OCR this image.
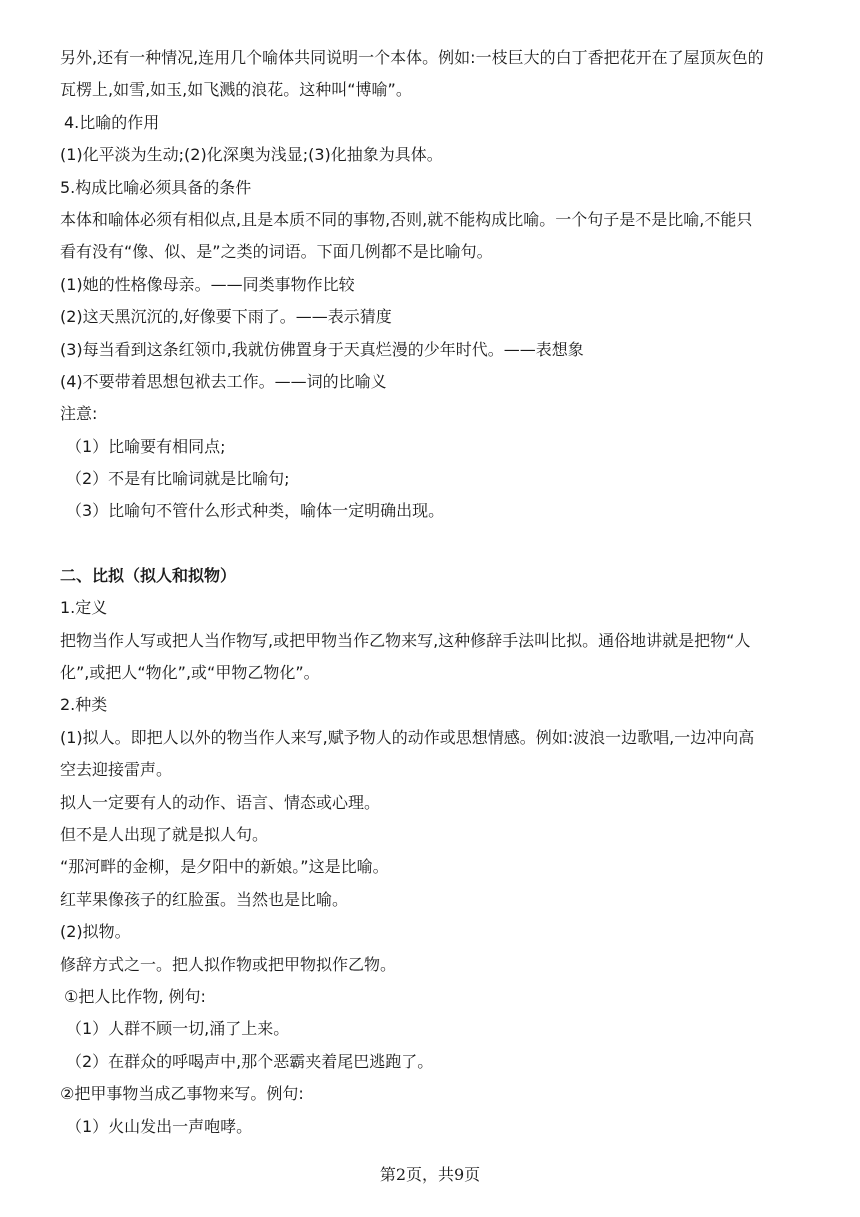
另外,还有一种情况,连用几个喻体共同说明一个本体。例如:一枝巨大的白丁香把花开在了屋顶灰色的
瓦楞上,如雪,如玉,如飞溅的浪花。这种叫“博喻”。
4.比喻的作用
(1)化平淡为生动;(2)化深奥为浅显;(3)化抽象为具体。
5.构成比喻必须具备的条件
本体和喻体必须有相似点,且是本质不同的事物,否则,就不能构成比喻。一个句子是不是比喻,不能只
看有没有“像、似、是”之类的词语。下面几例都不是比喻句。
(1)她的性格像母亲。——同类事物作比较
(2)这天黑沉沉的,好像要下雨了。——表示猜度
(3)每当看到这条红领巾,我就仿佛置身于天真烂漫的少年时代。——表想象
(4)不要带着思想包袱去工作。——词的比喻义
注意:
（1）比喻要有相同点;
（2）不是有比喻词就是比喻句;
（3）比喻句不管什么形式种类，喻体一定明确出现。
二、比拟（拟人和拟物）
1.定义
把物当作人写或把人当作物写,或把甲物当作乙物来写,这种修辞手法叫比拟。通俗地讲就是把物“人
化”,或把人“物化”,或“甲物乙物化”。
2.种类
(1)拟人。即把人以外的物当作人来写,赋予物人的动作或思想情感。例如:波浪一边歌唱,一边冲向高
空去迎接雷声。
拟人一定要有人的动作、语言、情态或心理。
但不是人出现了就是拟人句。
“那河畔的金柳，是夕阳中的新娘。”这是比喻。
红苹果像孩子的红脸蛋。当然也是比喻。
(2)拟物。
修辞方式之一。把人拟作物或把甲物拟作乙物。
①把人比作物, 例句:
（1）人群不顾一切,涌了上来。
（2）在群众的呼喝声中,那个恶霸夹着尾巴逃跑了。
②把甲事物当成乙事物来写。例句:
（1）火山发出一声咆哮。
第2页，共9页
